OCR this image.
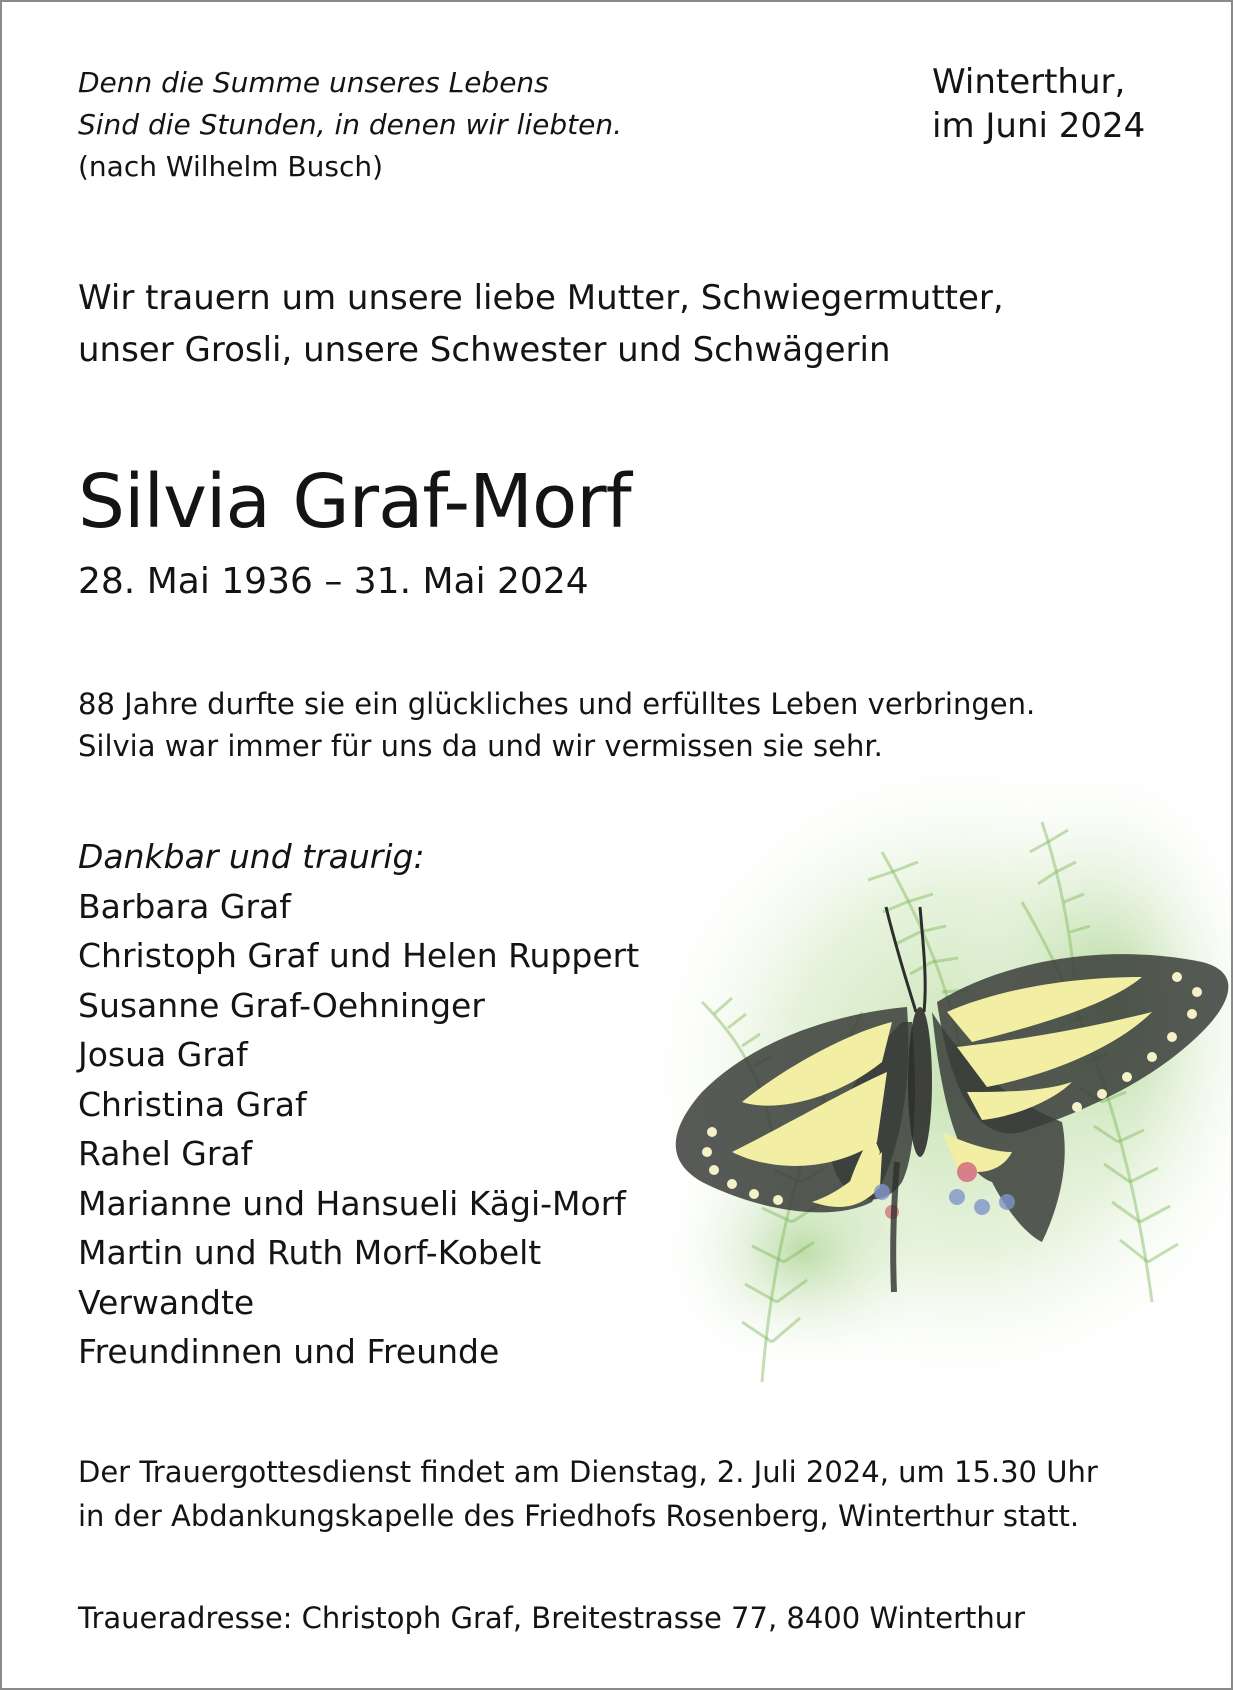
Denn die Summe unseres Lebens
Sind die Stunden, in denen wir liebten.
(nach Wilhelm Busch)
Winterthur,
im Juni 2024
Wir trauern um unsere liebe Mutter, Schwiegermutter,
unser Grosli, unsere Schwester und Schwägerin
Silvia Graf-Morf
28. Mai 1936 – 31. Mai 2024
88 Jahre durfte sie ein glückliches und erfülltes Leben verbringen.
Silvia war immer für uns da und wir vermissen sie sehr.
Dankbar und traurig:
Barbara Graf
Christoph Graf und Helen Ruppert
Susanne Graf-Oehninger
Josua Graf
Christina Graf
Rahel Graf
Marianne und Hansueli Kägi-Morf
Martin und Ruth Morf-Kobelt
Verwandte
Freundinnen und Freunde
Der Trauergottesdienst findet am Dienstag, 2. Juli 2024, um 15.30 Uhr
in der Abdankungskapelle des Friedhofs Rosenberg, Winterthur statt.
Traueradresse: Christoph Graf, Breitestrasse 77, 8400 Winterthur
